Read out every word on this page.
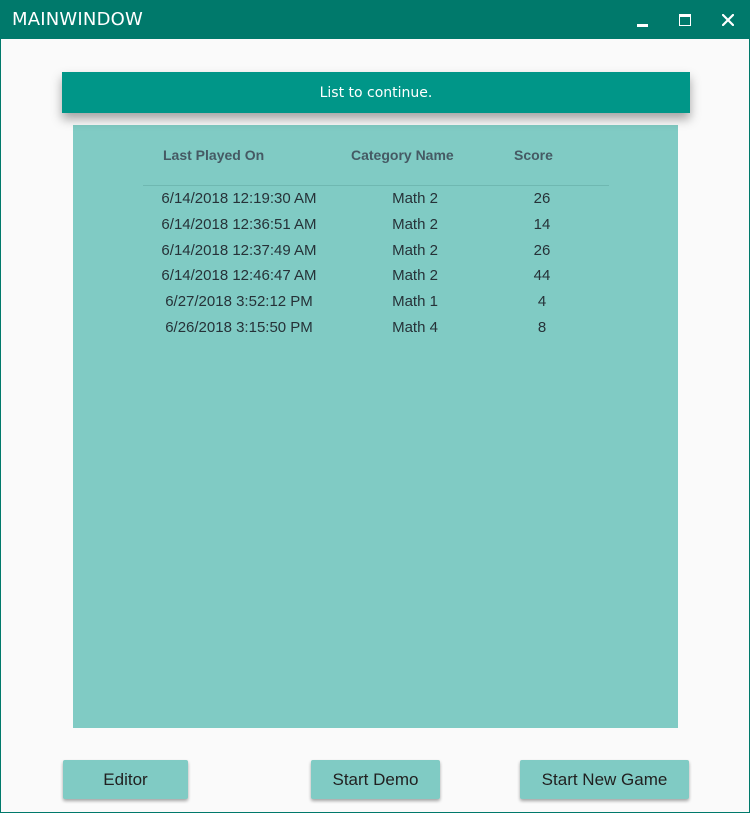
MAINWINDOW
List to continue.
Last Played On	Category Name	Score
6/14/2018 12:19:30 AM	Math 2	26
6/14/2018 12:36:51 AM	Math 2	14
6/14/2018 12:37:49 AM	Math 2	26
6/14/2018 12:46:47 AM	Math 2	44
6/27/2018 3:52:12 PM	Math 1	4
6/26/2018 3:15:50 PM	Math 4	8
Editor	Start Demo	Start New Game
